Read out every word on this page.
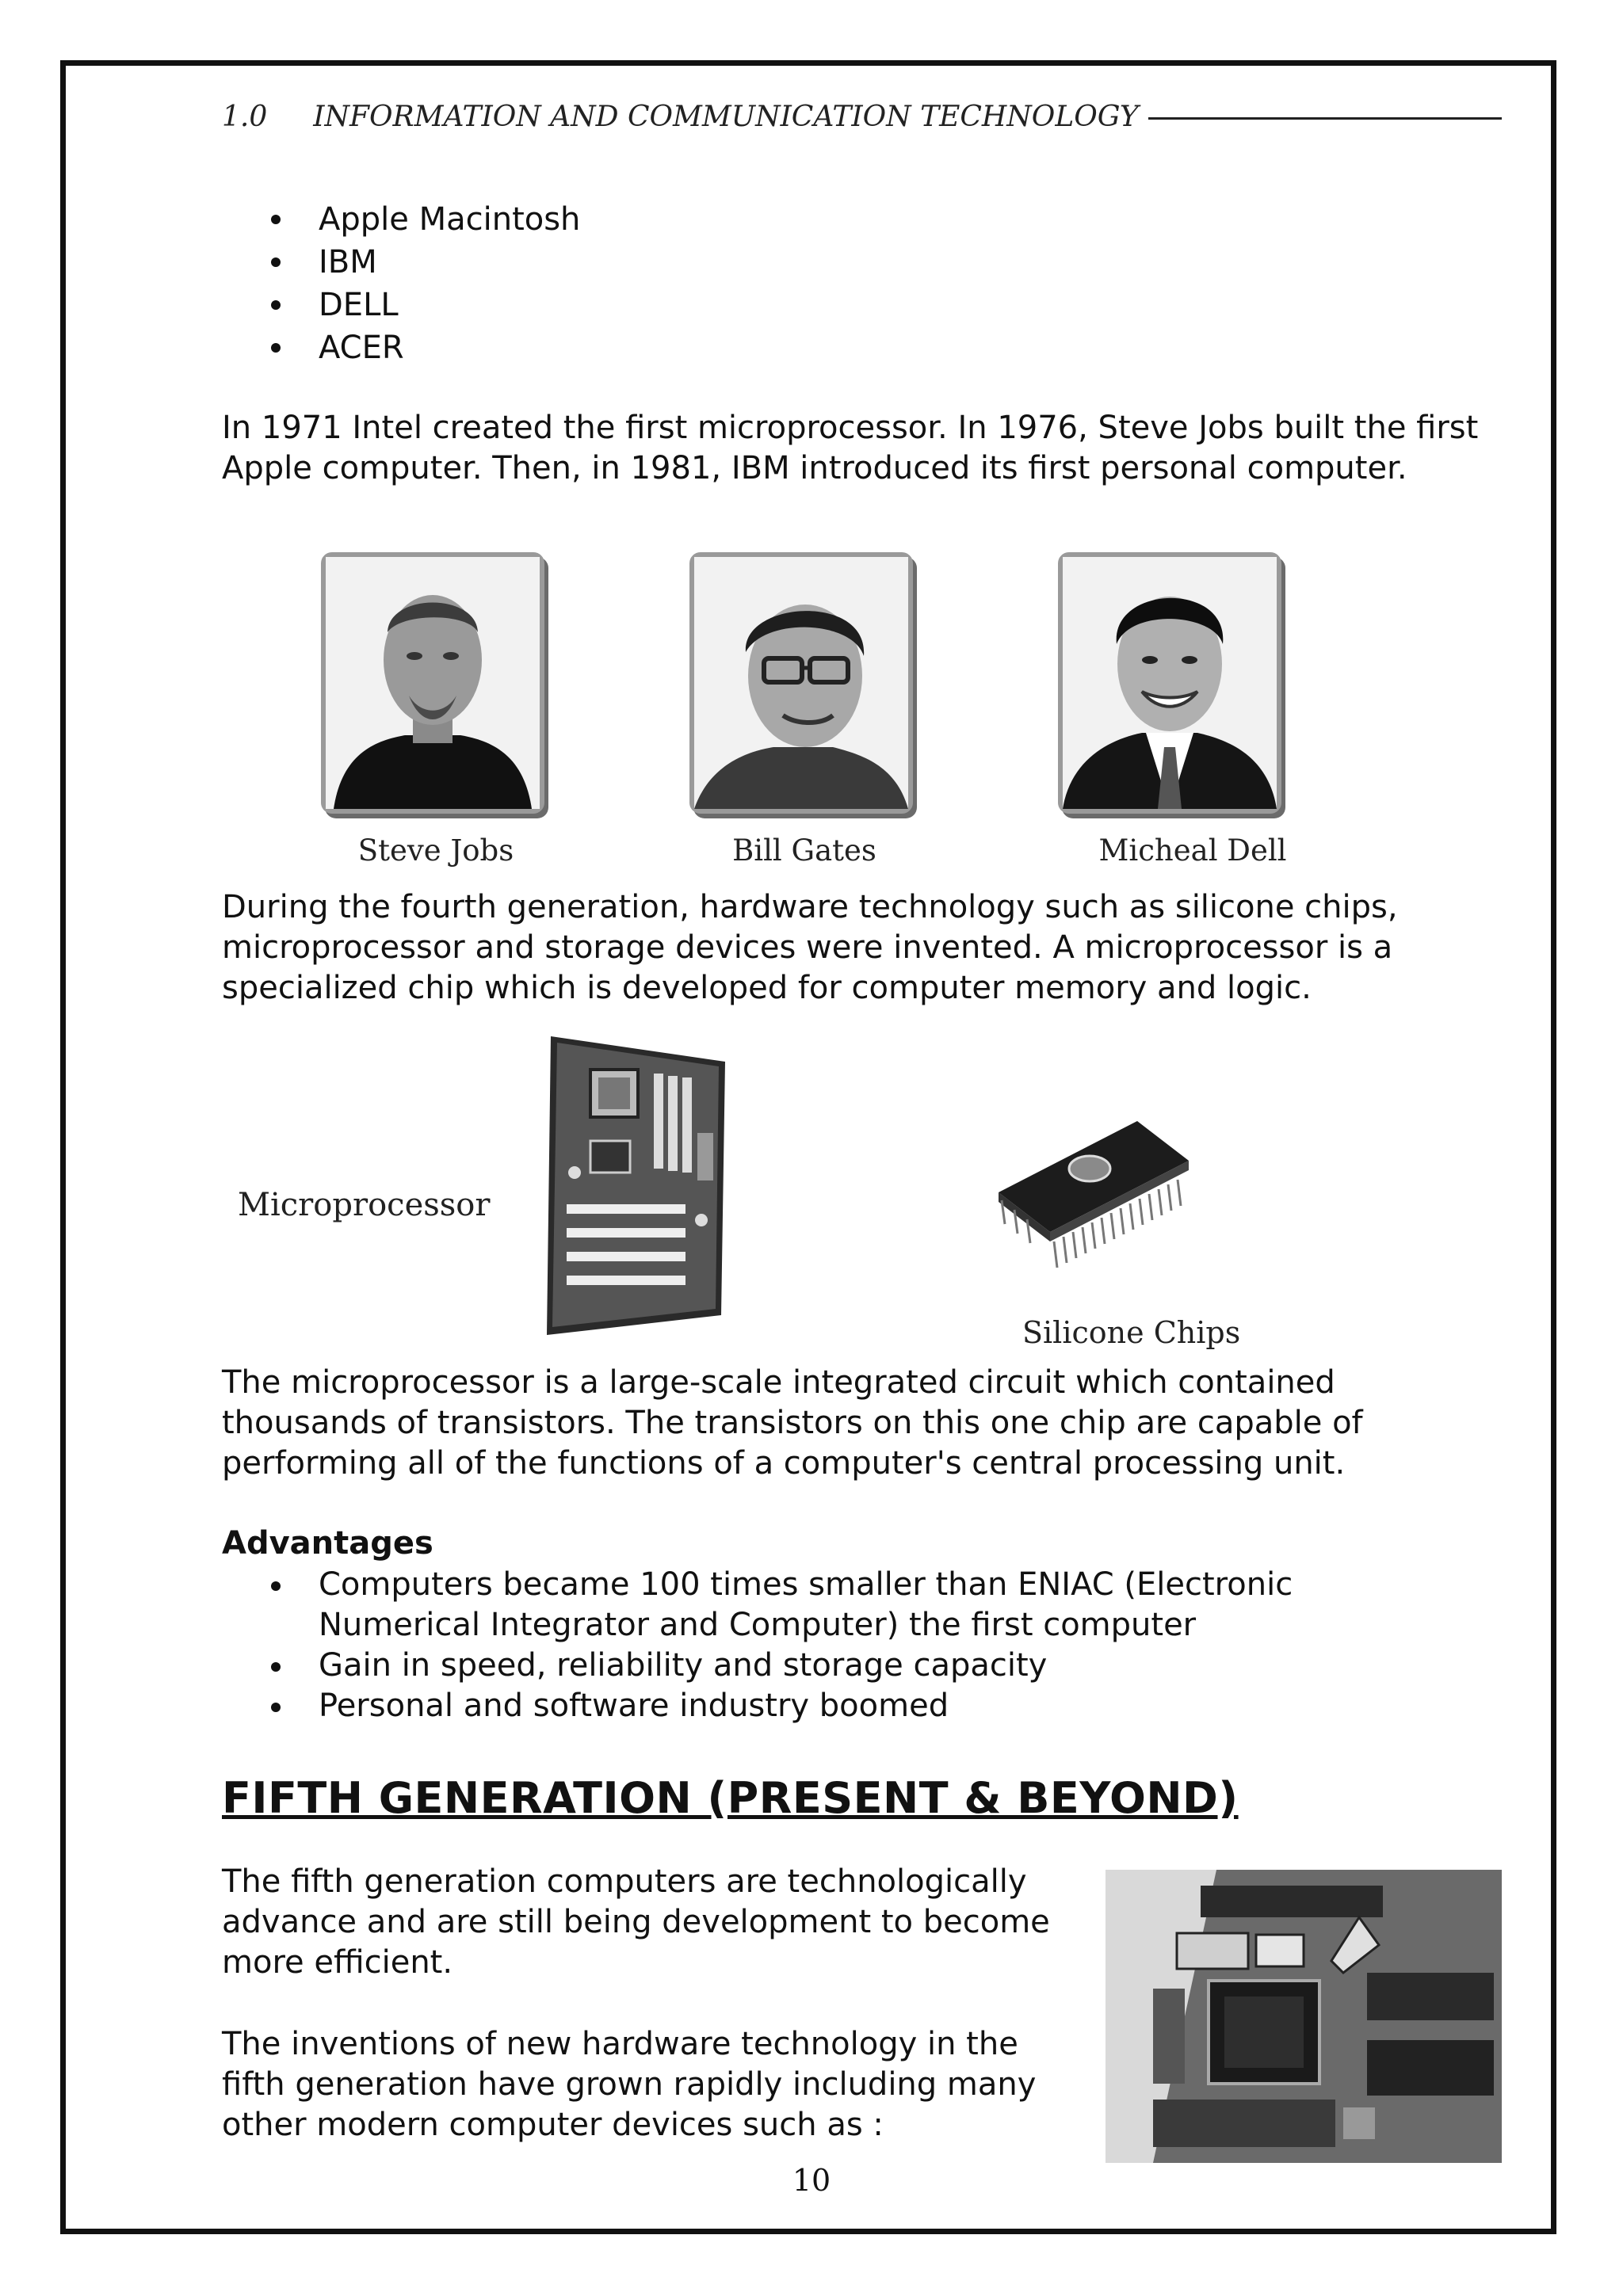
1.0 INFORMATION AND COMMUNICATION TECHNOLOGY
Apple Macintosh
IBM
DELL
ACER

In 1971 Intel created the first microprocessor. In 1976, Steve Jobs built the first Apple computer. Then, in 1981, IBM introduced its first personal computer.

Steve Jobs	Bill Gates	Micheal Dell

During the fourth generation, hardware technology such as silicone chips, microprocessor and storage devices were invented. A microprocessor is a specialized chip which is developed for computer memory and logic.

Microprocessor
Silicone Chips

The microprocessor is a large-scale integrated circuit which contained thousands of transistors. The transistors on this one chip are capable of performing all of the functions of a computer's central processing unit.

Advantages
Computers became 100 times smaller than ENIAC (Electronic Numerical Integrator and Computer) the first computer
Gain in speed, reliability and storage capacity
Personal and software industry boomed
FIFTH GENERATION (PRESENT & BEYOND)

The fifth generation computers are technologically advance and are still being development to become more efficient.

The inventions of new hardware technology in the fifth generation have grown rapidly including many other modern computer devices such as :

10
